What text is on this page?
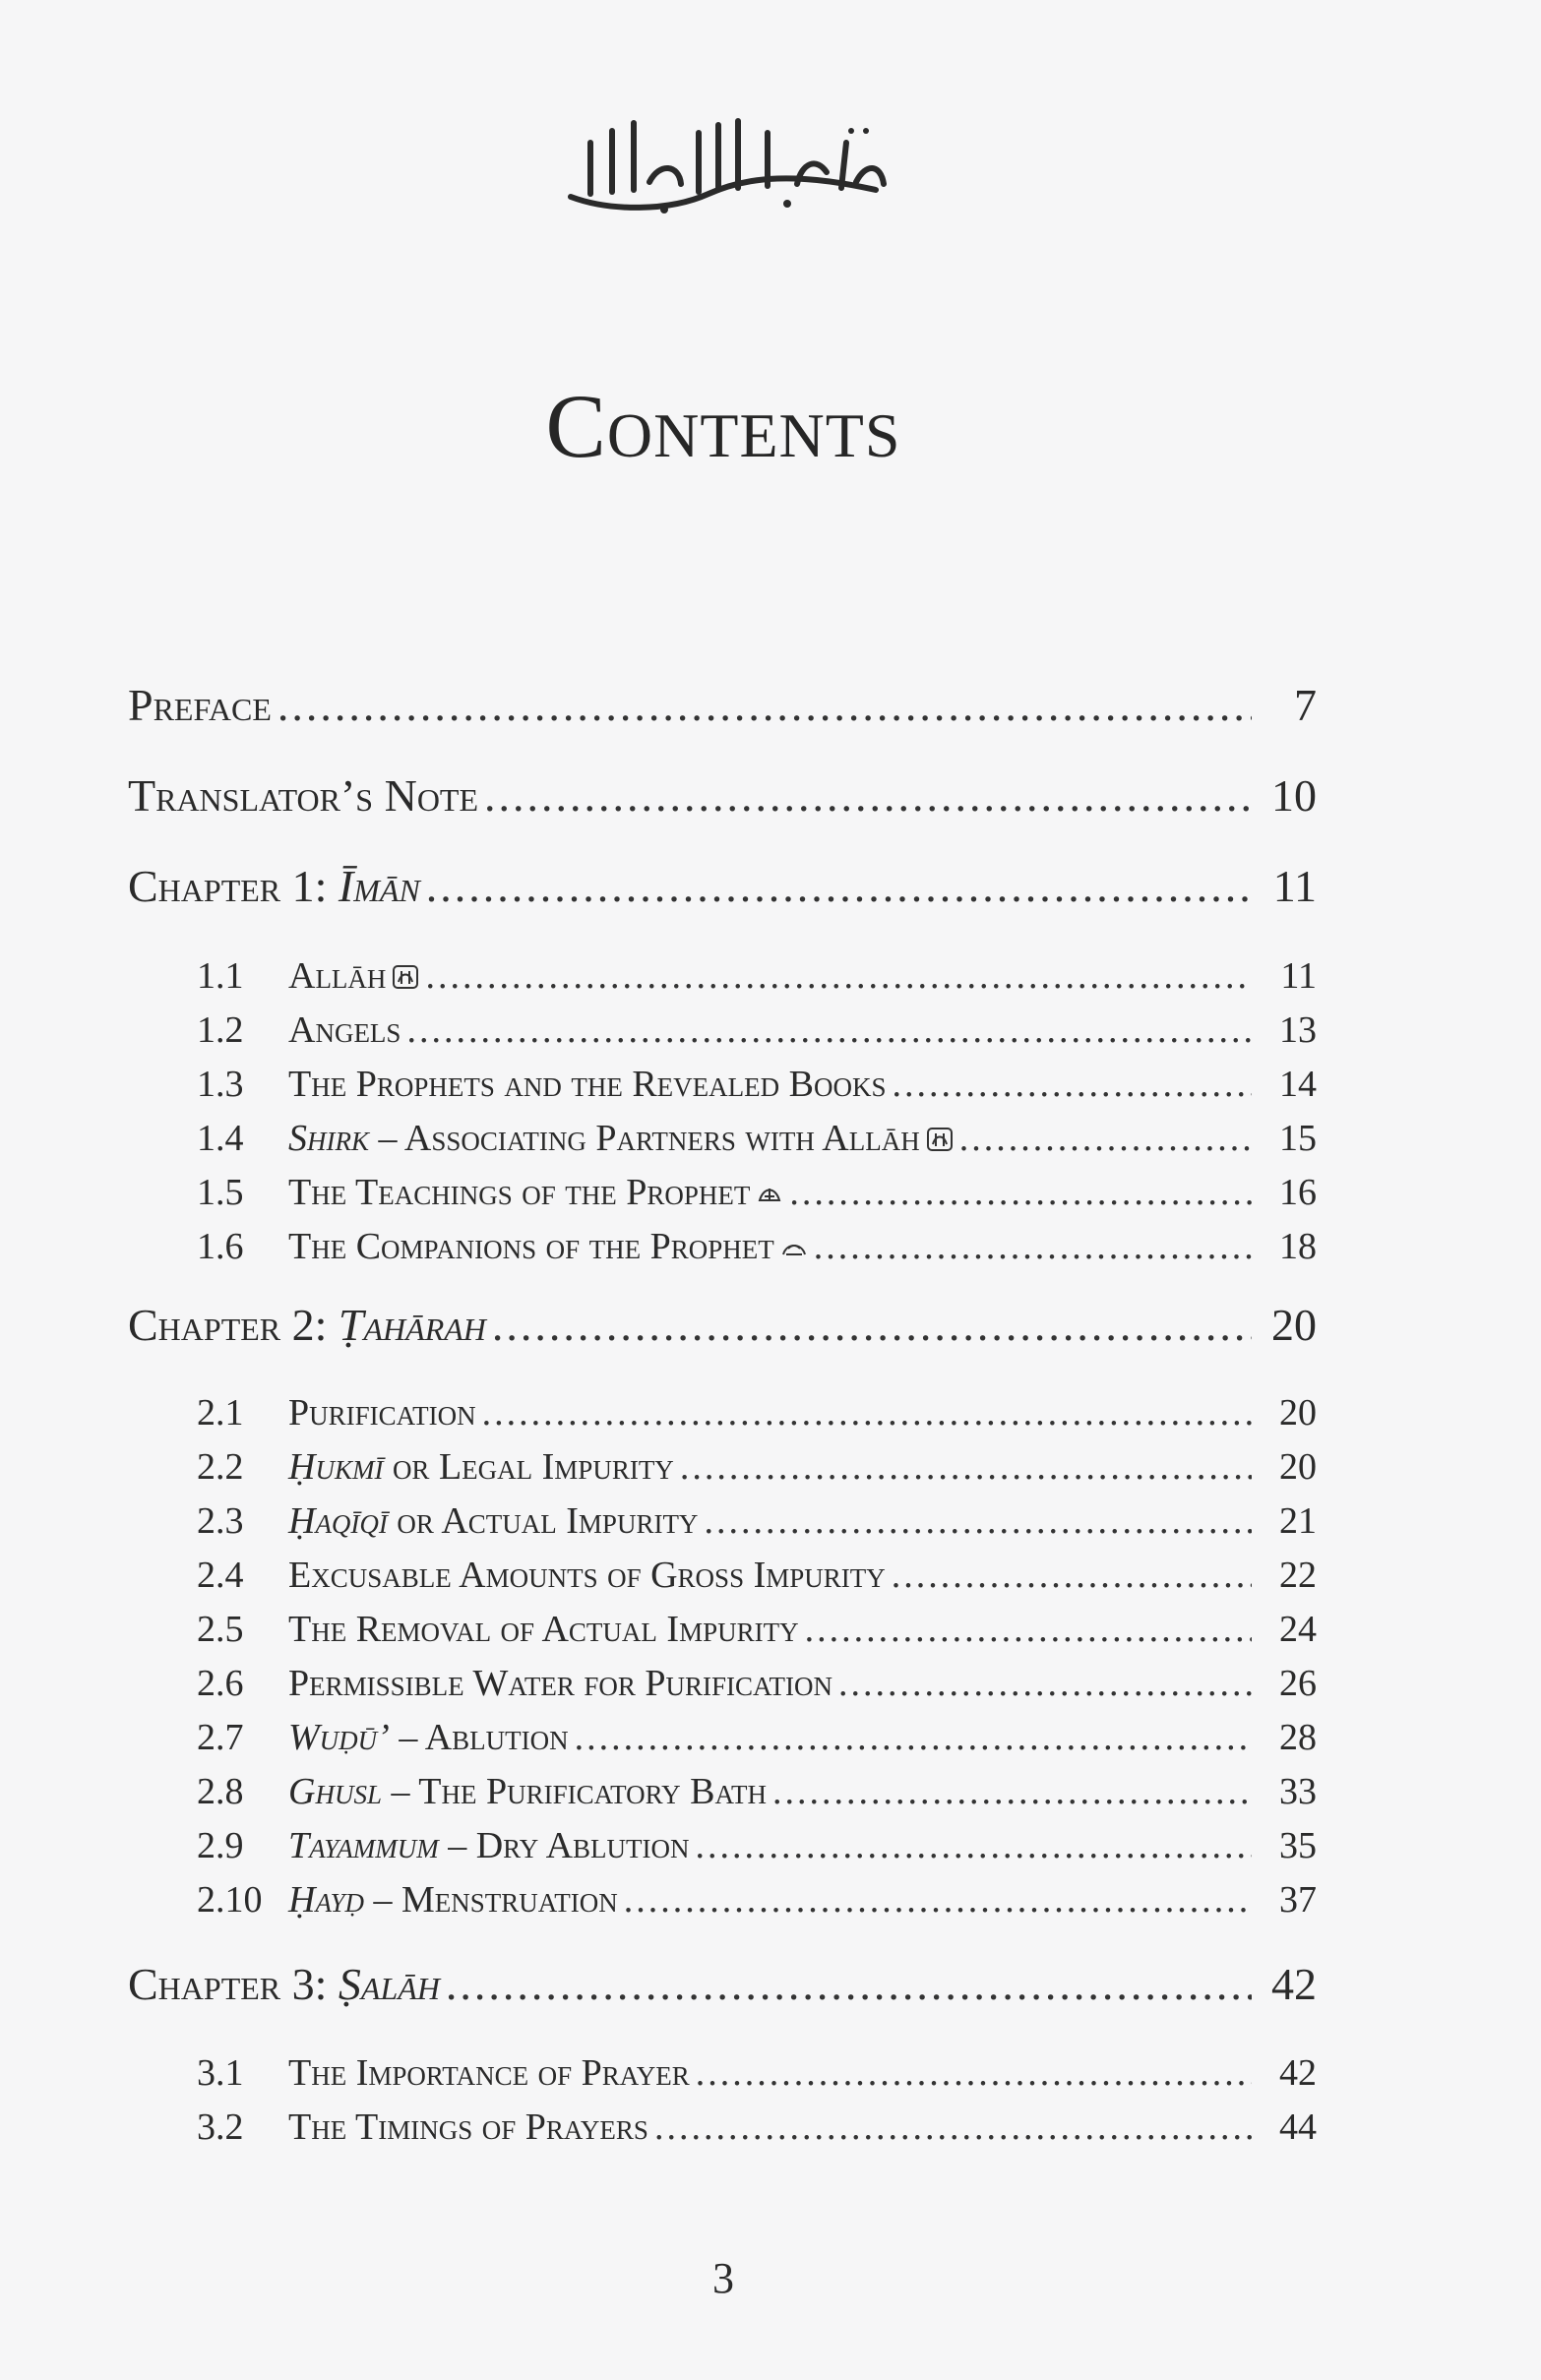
Contents
Preface .....	7
Translator’s Note .....	10
Chapter 1: Īmān .....	11
1.1	Allāh .....	11
1.2	Angels .....	13
1.3	The Prophets and the Revealed Books .....	14
1.4	Shirk – Associating Partners with Allāh .....	15
1.5	The Teachings of the Prophet .....	16
1.6	The Companions of the Prophet .....	18
Chapter 2: Ṭahārah .....	20
2.1	Purification .....	20
2.2	Ḥukmī or Legal Impurity .....	20
2.3	Ḥaqīqī or Actual Impurity .....	21
2.4	Excusable Amounts of Gross Impurity .....	22
2.5	The Removal of Actual Impurity .....	24
2.6	Permissible Water for Purification .....	26
2.7	Wuḍū’ – Ablution .....	28
2.8	Ghusl – The Purificatory Bath .....	33
2.9	Tayammum – Dry Ablution .....	35
2.10 Ḥayḍ – Menstruation .....	37
Chapter 3: Ṣalāh .....	42
3.1	The Importance of Prayer .....	42
3.2	The Timings of Prayers .....	44
3
